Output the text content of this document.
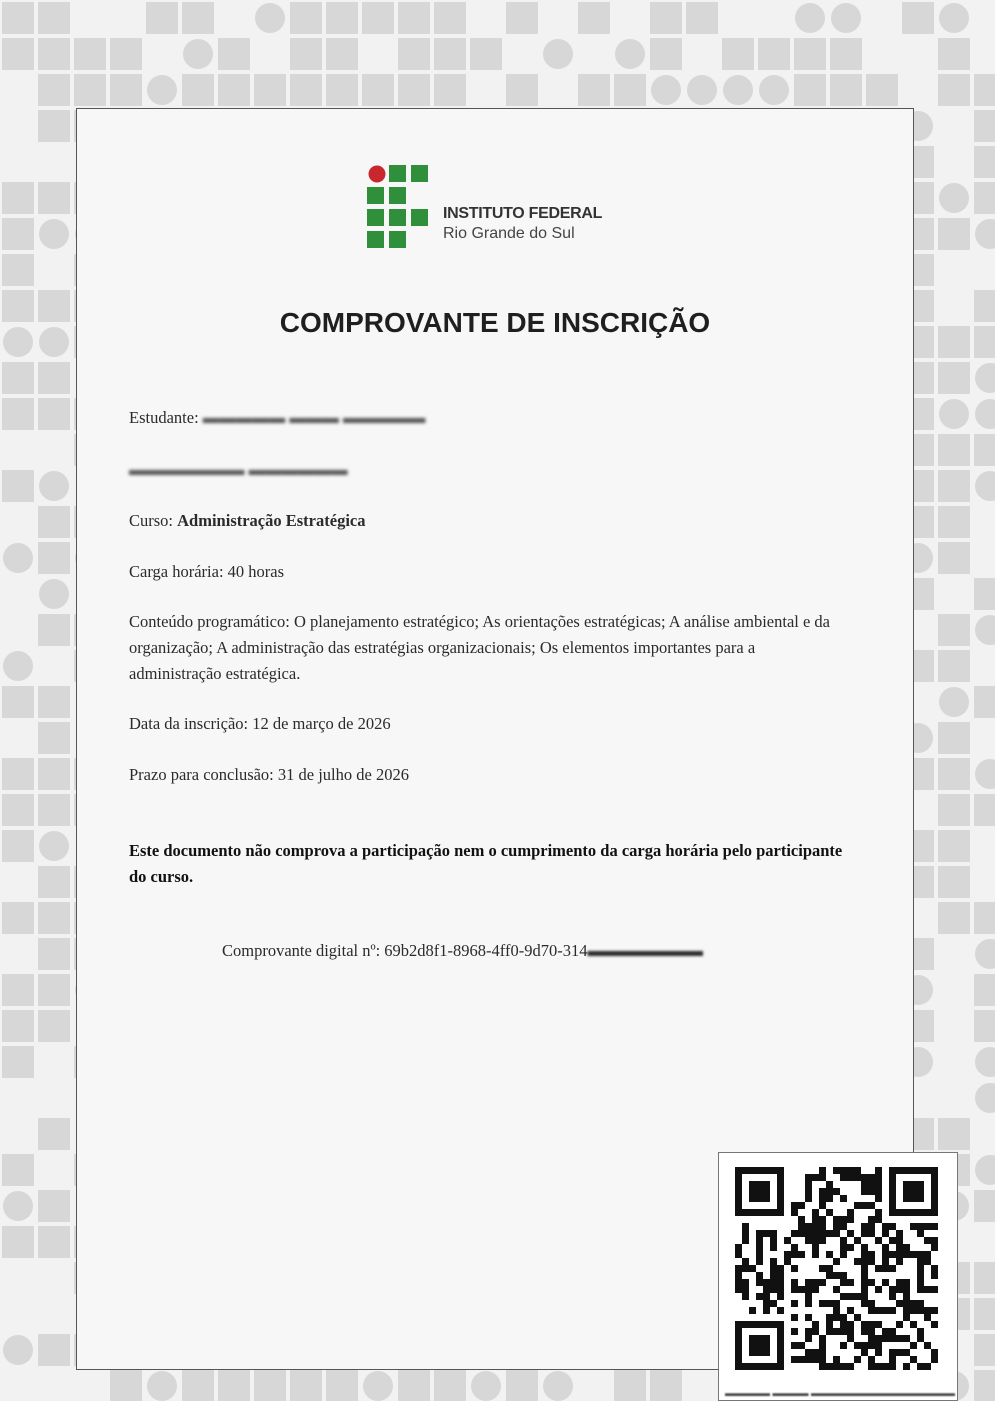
INSTITUTO FEDERAL
Rio Grande do Sul
COMPROVANTE DE INSCRIÇÃO
Estudante: ▬▬▬▬▬ ▬▬▬ ▬▬▬▬▬
▬▬▬▬▬▬▬ ▬▬▬▬▬▬
Curso: Administração Estratégica
Carga horária: 40 horas
Conteúdo programático: O planejamento estratégico; As orientações estratégicas; A análise ambiental e da organização; A administração das estratégias organizacionais; Os elementos importantes para a administração estratégica.
Data da inscrição: 12 de março de 2026
Prazo para conclusão: 31 de julho de 2026
Este documento não comprova a participação nem o cumprimento da carga horária pelo participante do curso.
Comprovante digital nº: 69b2d8f1-8968-4ff0-9d70-314▬▬▬▬▬▬▬
▬▬▬▬▬ ▬▬▬▬ ▬▬▬▬▬▬▬▬▬▬▬▬▬▬▬▬
